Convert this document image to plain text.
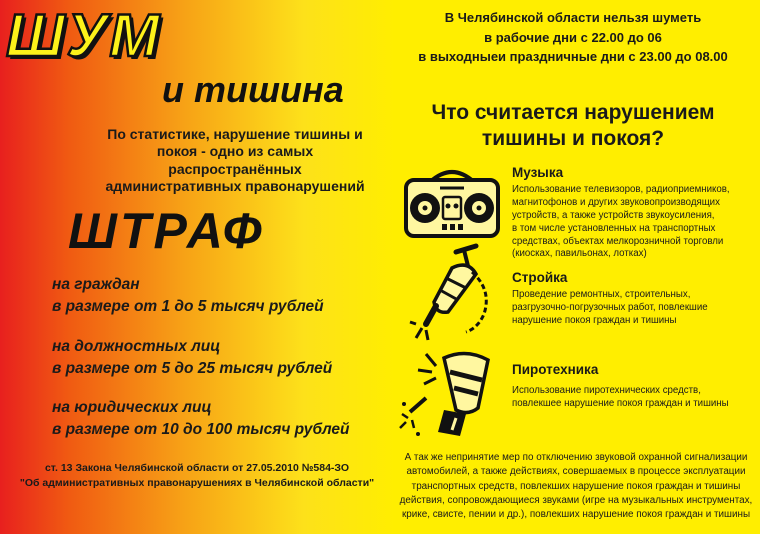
ШУМ
и тишина
По статистике, нарушение тишины и покоя - одно из самых распространённых административных правонарушений
ШТРАФ
на граждан
в размере от 1 до 5 тысяч рублей
на должностных лиц
в размере от 5 до 25 тысяч рублей
на юридических лиц
в размере от 10 до 100 тысяч рублей
ст. 13 Закона Челябинской области от 27.05.2010 №584-ЗО
"Об административных правонарушениях в Челябинской области"
В Челябинской области нельзя шуметь
в рабочие дни с 22.00 до 06
в выходныеи праздничные дни с 23.00 до 08.00
Что считается нарушением
тишины и покоя?
Музыка
Использование телевизоров, радиоприемников,
магнитофонов и других звуковопроизводящих
устройств, а также устройств звукоусиления,
в том числе установленных на транспортных
средствах, объектах мелкорозничной торговли
(киосках, павильонах, лотках)
Стройка
Проведение ремонтных, строительных,
разгрузочно-погрузочных работ, повлекшие
нарушение покоя граждан и тишины
Пиротехника
Использование пиротехнических средств,
повлекшее нарушение покоя граждан и тишины
А так же непринятие мер по отключению звуковой охранной сигнализации
автомобилей, а также действиях, совершаемых в процессе эксплуатации
транспортных средств, повлекших нарушение покоя граждан и тишины
действия, сопровождающиеся звуками (игре на музыкальных инструментах,
крике, свисте, пении и др.), повлекших нарушение покоя граждан и тишины
